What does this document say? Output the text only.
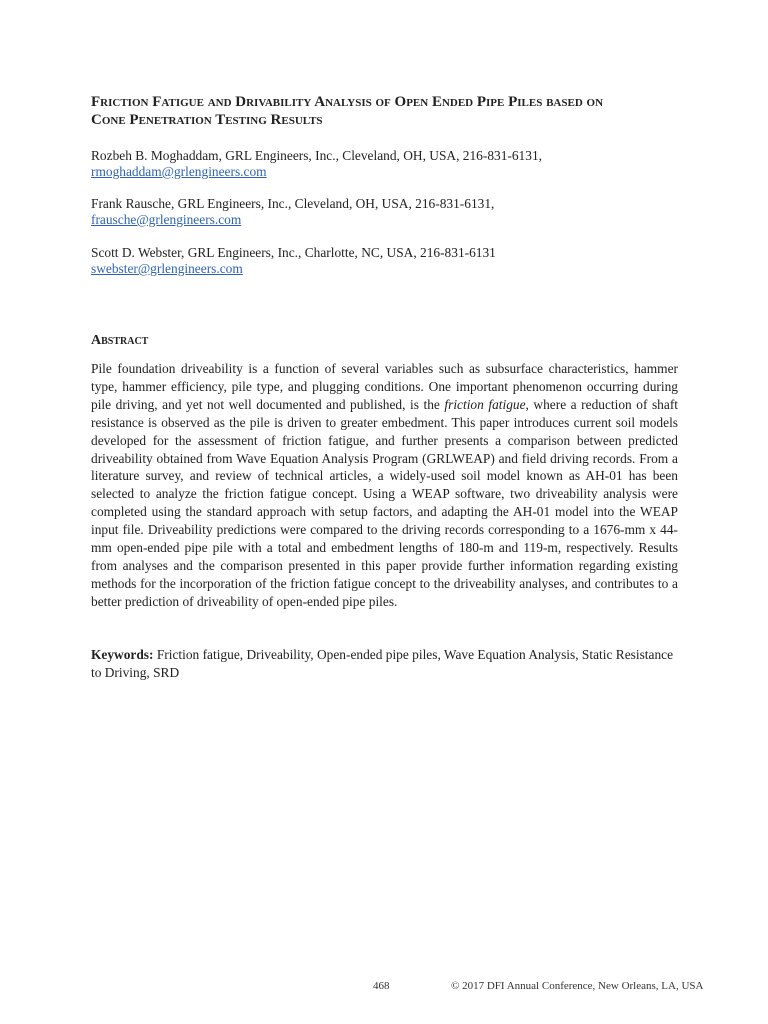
Friction Fatigue and Drivability Analysis of Open Ended Pipe Piles based on
Cone Penetration Testing Results
Rozbeh B. Moghaddam, GRL Engineers, Inc., Cleveland, OH, USA, 216-831-6131,
rmoghaddam@grlengineers.com
Frank Rausche, GRL Engineers, Inc., Cleveland, OH, USA, 216-831-6131,
frausche@grlengineers.com
Scott D. Webster, GRL Engineers, Inc., Charlotte, NC, USA, 216-831-6131
swebster@grlengineers.com
Abstract

Pile foundation driveability is a function of several variables such as subsurface characteristics, hammer type, hammer efficiency, pile type, and plugging conditions. One important phenomenon occurring during pile driving, and yet not well documented and published, is the friction fatigue, where a reduction of shaft resistance is observed as the pile is driven to greater embedment. This paper introduces current soil models developed for the assessment of friction fatigue, and further presents a comparison between predicted driveability obtained from Wave Equation Analysis Program (GRLWEAP) and field driving records. From a literature survey, and review of technical articles, a widely-used soil model known as AH-01 has been selected to analyze the friction fatigue concept. Using a WEAP software, two driveability analysis were completed using the standard approach with setup factors, and adapting the AH-01 model into the WEAP input file. Driveability predictions were compared to the driving records corresponding to a 1676-mm x 44-mm open-ended pipe pile with a total and embedment lengths of 180-m and 119-m, respectively. Results from analyses and the comparison presented in this paper provide further information regarding existing methods for the incorporation of the friction fatigue concept to the driveability analyses, and contributes to a better prediction of driveability of open-ended pipe piles.

Keywords: Friction fatigue, Driveability, Open-ended pipe piles, Wave Equation Analysis, Static Resistance to Driving, SRD

468	© 2017 DFI Annual Conference, New Orleans, LA, USA
